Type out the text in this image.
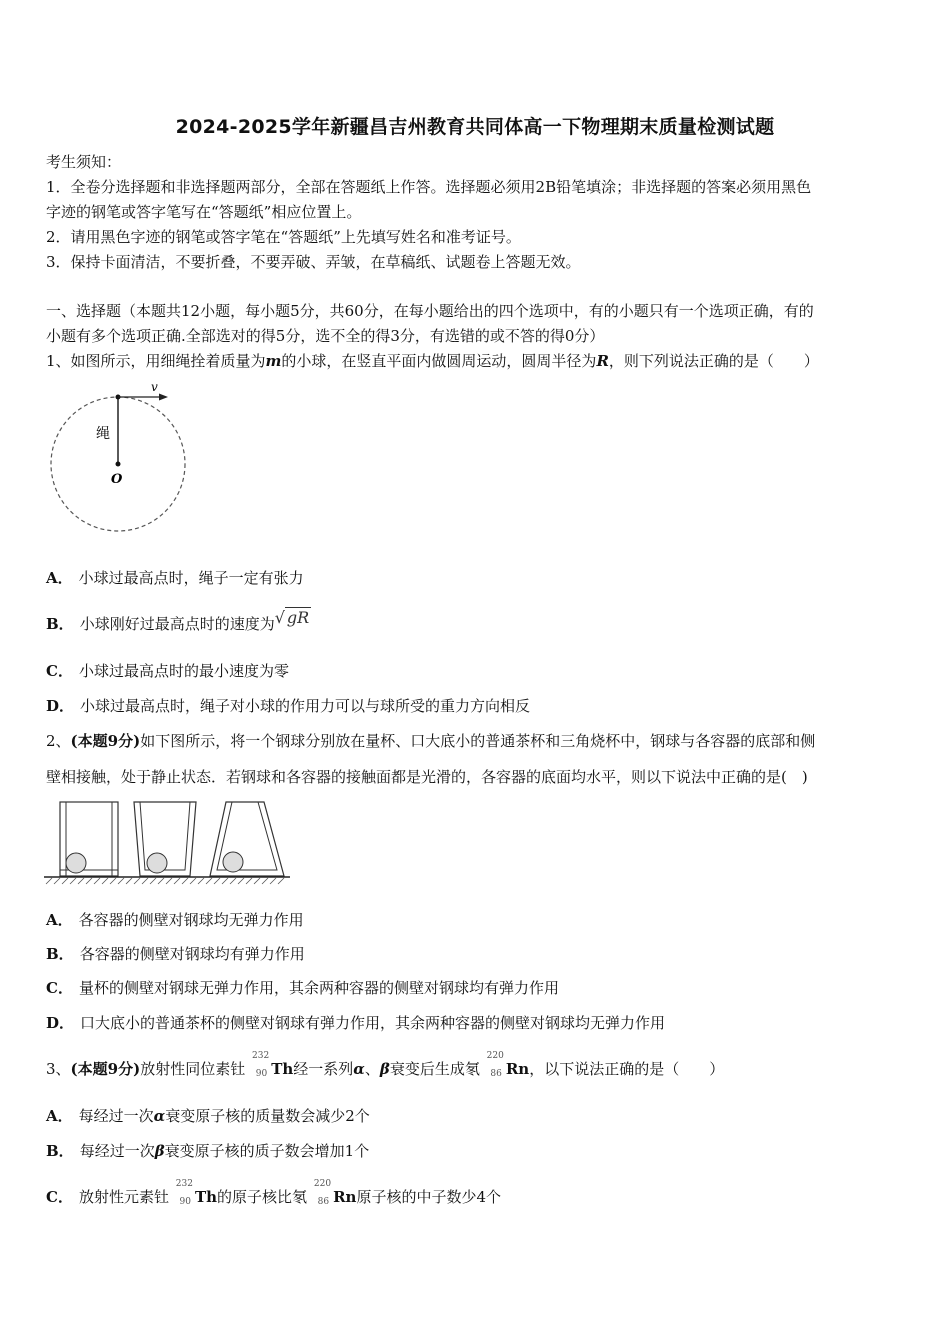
2024-2025学年新疆昌吉州教育共同体高一下物理期末质量检测试题
考生须知：
1．全卷分选择题和非选择题两部分，全部在答题纸上作答。选择题必须用2B铅笔填涂；非选择题的答案必须用黑色
字迹的钢笔或答字笔写在“答题纸”相应位置上。
2．请用黑色字迹的钢笔或答字笔在“答题纸”上先填写姓名和准考证号。
3．保持卡面清洁，不要折叠，不要弄破、弄皱，在草稿纸、试题卷上答题无效。
一、选择题（本题共12小题，每小题5分，共60分，在每小题给出的四个选项中，有的小题只有一个选项正确，有的
小题有多个选项正确.全部选对的得5分，选不全的得3分，有选错的或不答的得0分）
1、如图所示，用细绳拴着质量为m的小球，在竖直平面内做圆周运动，圆周半径为R，则下列说法正确的是（　　）
v
绳
O
A． 小球过最高点时，绳子一定有张力
B． 小球刚好过最高点时的速度为√ gR
C． 小球过最高点时的最小速度为零
D． 小球过最高点时，绳子对小球的作用力可以与球所受的重力方向相反
2、(本题9分)如下图所示，将一个钢球分别放在量杯、口大底小的普通茶杯和三角烧杯中，钢球与各容器的底部和侧
壁相接触，处于静止状态．若钢球和各容器的接触面都是光滑的，各容器的底面均水平，则以下说法中正确的是(　)
A． 各容器的侧壁对钢球均无弹力作用
B． 各容器的侧壁对钢球均有弹力作用
C． 量杯的侧壁对钢球无弹力作用，其余两种容器的侧壁对钢球均有弹力作用
D． 口大底小的普通茶杯的侧壁对钢球有弹力作用，其余两种容器的侧壁对钢球均无弹力作用
3、(本题9分)放射性同位素钍
232
90 Th经一系列α、β衰变后生成氡
220
86 Rn，以下说法正确的是（　　）
A． 每经过一次α衰变原子核的质量数会减少2个
B． 每经过一次β衰变原子核的质子数会增加1个
C． 放射性元素钍
232
90 Th的原子核比氡
220
86 Rn原子核的中子数少4个
